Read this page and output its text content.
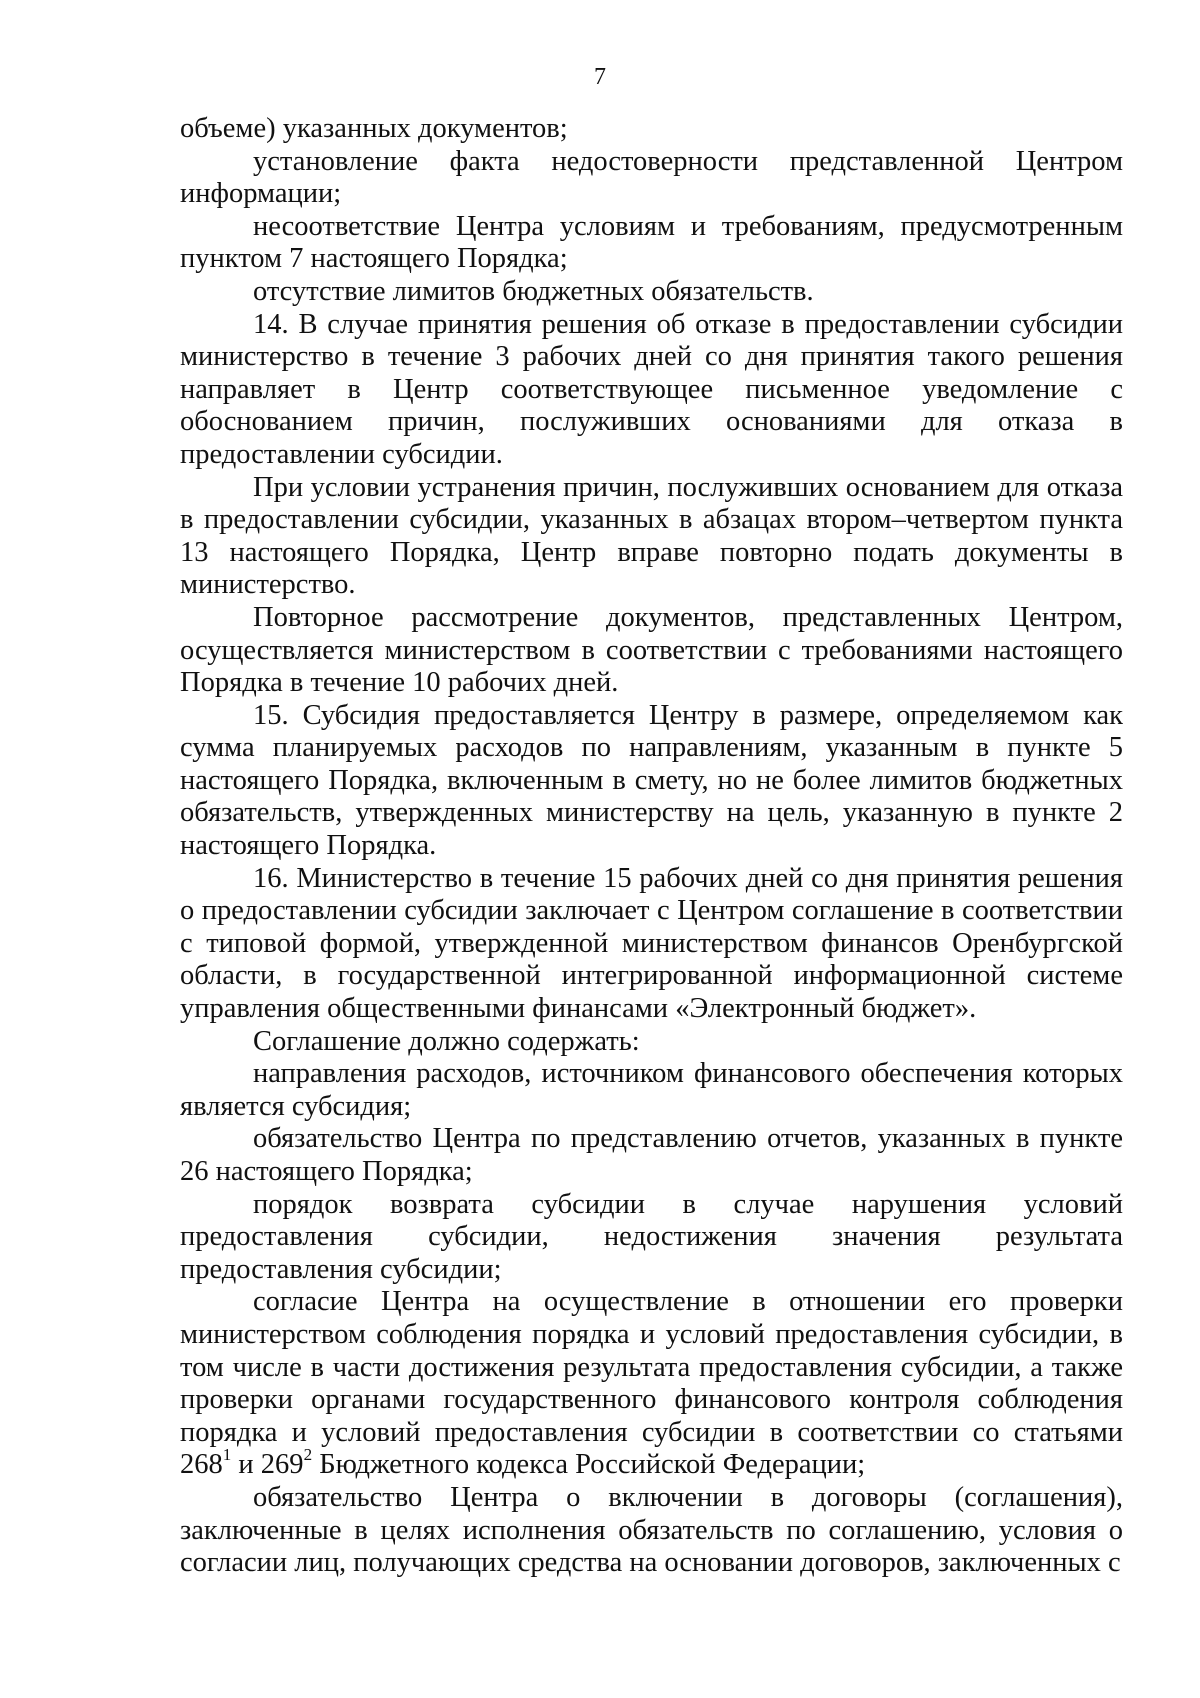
7

объеме) указанных документов;

установление факта недостоверности представленной Центром информации;

несоответствие Центра условиям и требованиям, предусмотренным пунктом 7 настоящего Порядка;

отсутствие лимитов бюджетных обязательств.

14. В случае принятия решения об отказе в предоставлении субсидии министерство в течение 3 рабочих дней со дня принятия такого решения направляет в Центр соответствующее письменное уведомление с обоснованием причин, послуживших основаниями для отказа в предоставлении субсидии.

При условии устранения причин, послуживших основанием для отказа в предоставлении субсидии, указанных в абзацах втором–четвертом пункта 13 настоящего Порядка, Центр вправе повторно подать документы в министерство.

Повторное рассмотрение документов, представленных Центром, осуществляется министерством в соответствии с требованиями настоящего Порядка в течение 10 рабочих дней.

15. Субсидия предоставляется Центру в размере, определяемом как сумма планируемых расходов по направлениям, указанным в пункте 5 настоящего Порядка, включенным в смету, но не более лимитов бюджетных обязательств, утвержденных министерству на цель, указанную в пункте 2 настоящего Порядка.

16. Министерство в течение 15 рабочих дней со дня принятия решения о предоставлении субсидии заключает с Центром соглашение в соответствии с типовой формой, утвержденной министерством финансов Оренбургской области, в государственной интегрированной информационной системе управления общественными финансами «Электронный бюджет».

Соглашение должно содержать:

направления расходов, источником финансового обеспечения которых является субсидия;

обязательство Центра по представлению отчетов, указанных в пункте 26 настоящего Порядка;

порядок возврата субсидии в случае нарушения условий предоставления субсидии, недостижения значения результата предоставления субсидии;

согласие Центра на осуществление в отношении его проверки министерством соблюдения порядка и условий предоставления субсидии, в том числе в части достижения результата предоставления субсидии, а также проверки органами государственного финансового контроля соблюдения порядка и условий предоставления субсидии в соответствии со статьями $268^1$ и $269^2$ Бюджетного кодекса Российской Федерации;

обязательство Центра о включении в договоры (соглашения), заключенные в целях исполнения обязательств по соглашению, условия о согласии лиц, получающих средства на основании договоров, заключенных с
